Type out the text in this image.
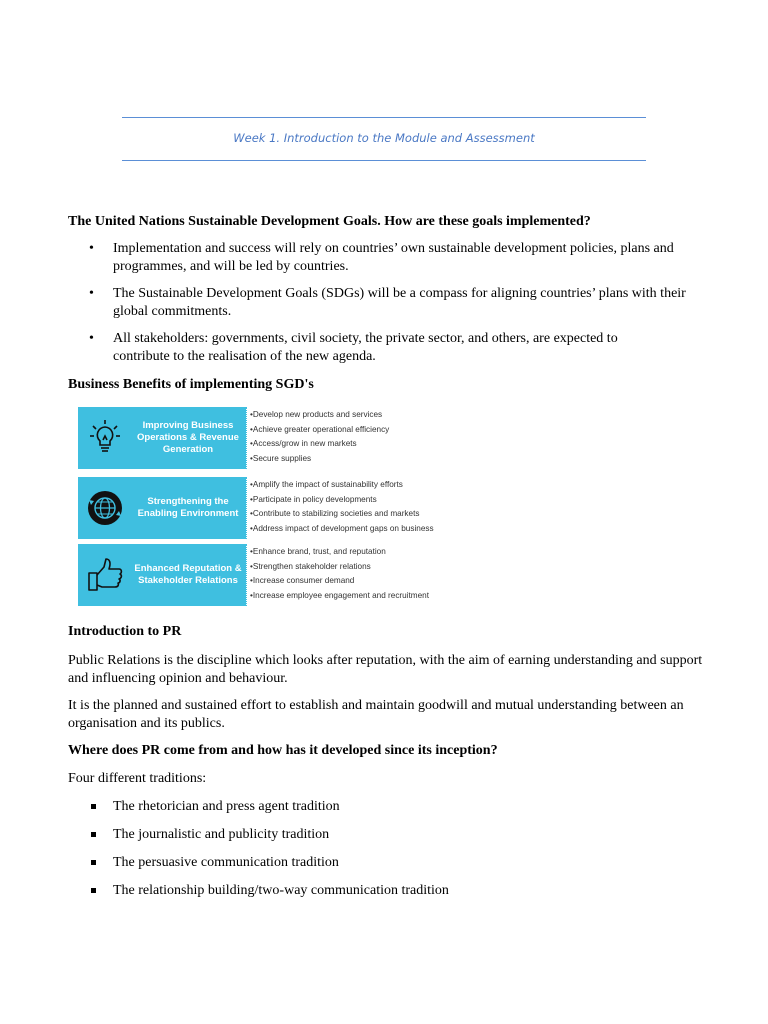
Week 1. Introduction to the Module and Assessment
The United Nations Sustainable Development Goals. How are these goals implemented?
• Implementation and success will rely on countries’ own sustainable development policies, plans and programmes, and will be led by countries.
• The Sustainable Development Goals (SDGs) will be a compass for aligning countries’ plans with their global commitments.
• All stakeholders: governments, civil society, the private sector, and others, are expected to contribute to the realisation of the new agenda.
Business Benefits of implementing SGD's
Improving Business Operations & Revenue Generation
• Develop new products and services
• Achieve greater operational efficiency
• Access/grow in new markets
• Secure supplies
Strengthening the Enabling Environment
• Amplify the impact of sustainability efforts
• Participate in policy developments
• Contribute to stabilizing societies and markets
• Address impact of development gaps on business
Enhanced Reputation & Stakeholder Relations
• Enhance brand, trust, and reputation
• Strengthen stakeholder relations
• Increase consumer demand
• Increase employee engagement and recruitment
Introduction to PR

Public Relations is the discipline which looks after reputation, with the aim of earning understanding and support and influencing opinion and behaviour.

It is the planned and sustained effort to establish and maintain goodwill and mutual understanding between an organisation and its publics.

Where does PR come from and how has it developed since its inception?

Four different traditions:

The rhetorician and press agent tradition
The journalistic and publicity tradition
The persuasive communication tradition
The relationship building/two-way communication tradition
